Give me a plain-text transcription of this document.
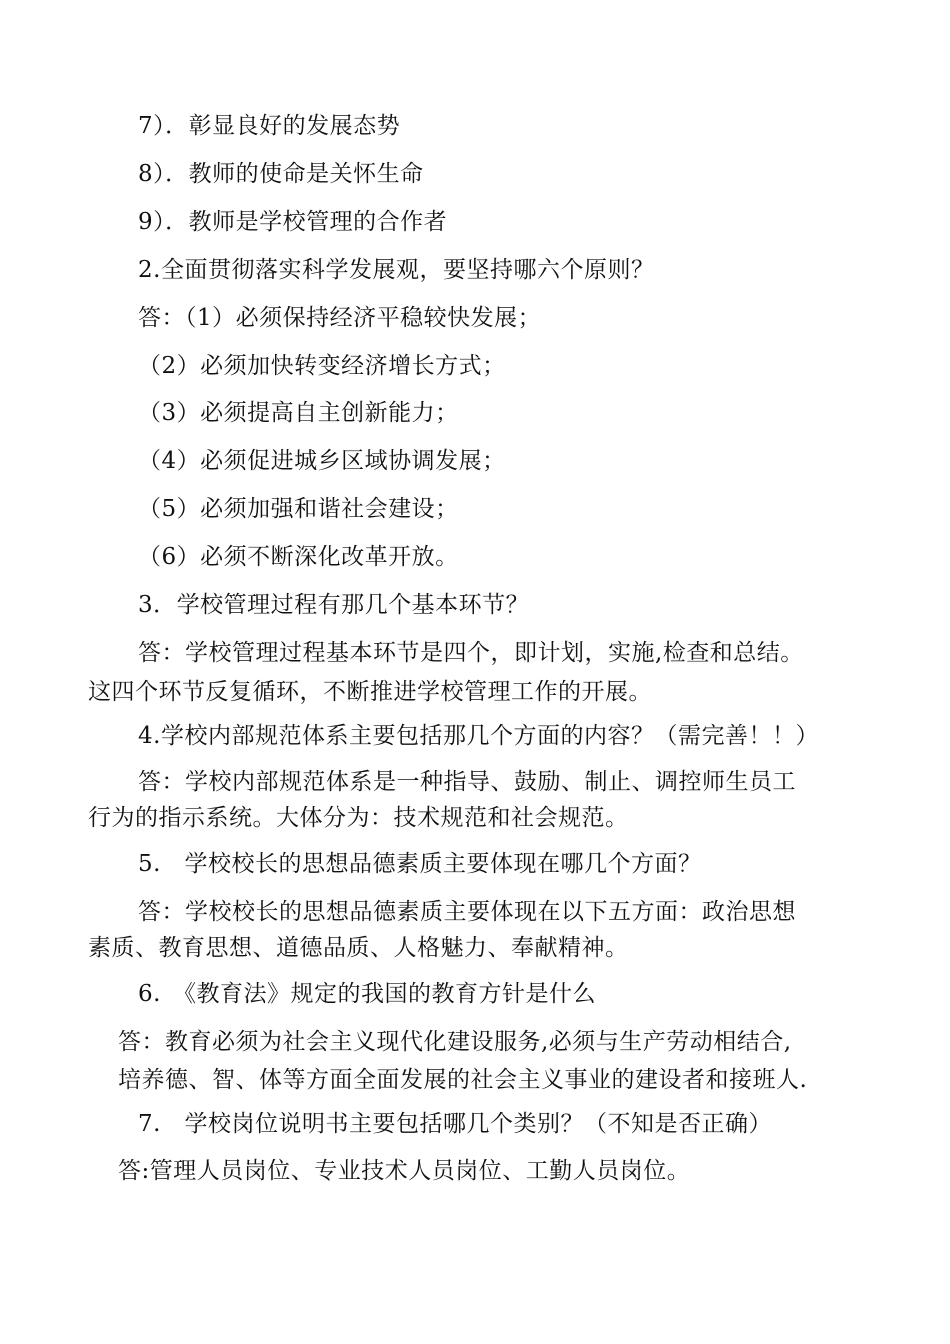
7）．彰显良好的发展态势
8）．教师的使命是关怀生命
9）．教师是学校管理的合作者
2.全面贯彻落实科学发展观，要坚持哪六个原则？
答：（1）必须保持经济平稳较快发展；
（2）必须加快转变经济增长方式；
（3）必须提高自主创新能力；
（4）必须促进城乡区域协调发展；
（5）必须加强和谐社会建设；
（6）必须不断深化改革开放。
3．学校管理过程有那几个基本环节？
答：学校管理过程基本环节是四个，即计划，实施,检查和总结。
这四个环节反复循环，不断推进学校管理工作的开展。
4.学校内部规范体系主要包括那几个方面的内容？（需完善！！）
答：学校内部规范体系是一种指导、鼓励、制止、调控师生员工
行为的指示系统。大体分为：技术规范和社会规范。
5.　学校校长的思想品德素质主要体现在哪几个方面？
答：学校校长的思想品德素质主要体现在以下五方面：政治思想
素质、教育思想、道德品质、人格魅力、奉献精神。
6.　《教育法》规定的我国的教育方针是什么
答：教育必须为社会主义现代化建设服务,必须与生产劳动相结合,
培养德、智、体等方面全面发展的社会主义事业的建设者和接班人.
7.　学校岗位说明书主要包括哪几个类别？（不知是否正确）
答:管理人员岗位、专业技术人员岗位、工勤人员岗位。
